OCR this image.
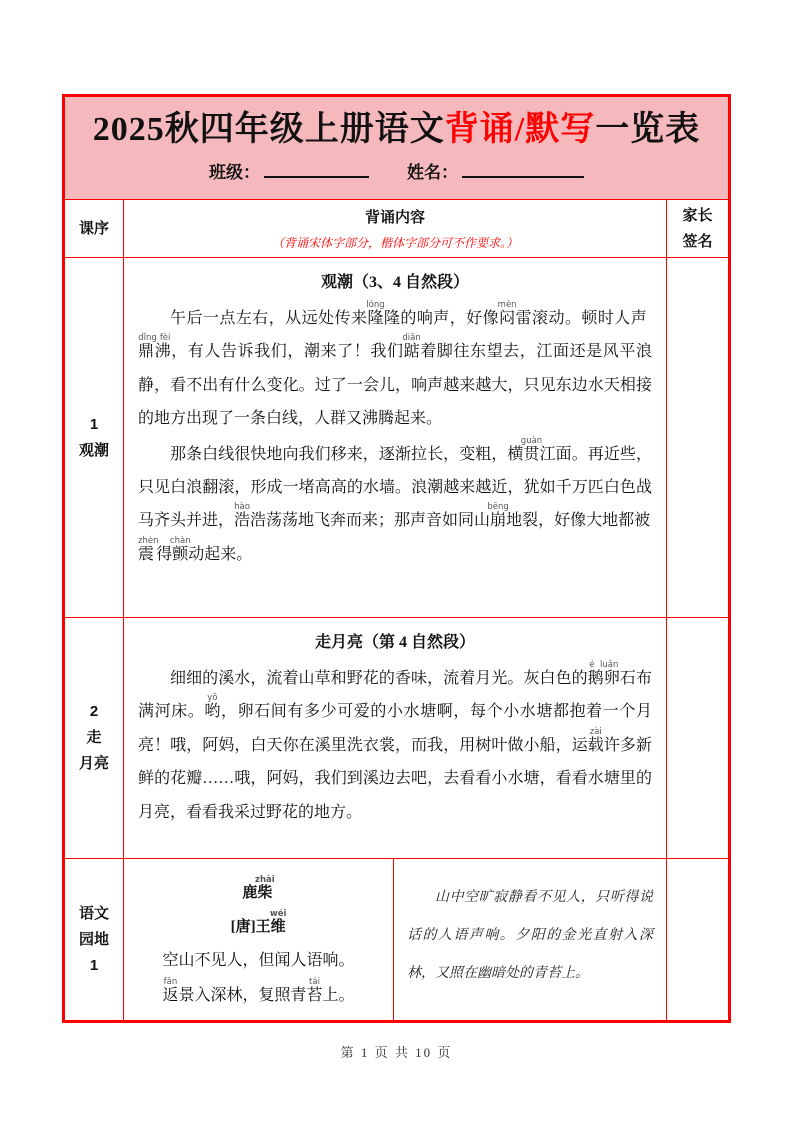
2025秋四年级上册语文背诵/默写一览表
班级：	姓名：
课序
背诵内容
（背诵宋体字部分，楷体字部分可不作要求。）
家长
签名
1
观潮
观潮（3、4 自然段）

午后一点左右，从远处传来隆lóng隆的响声，好像闷mèn雷滚动。顿时人声鼎沸dǐng fèi，有人告诉我们，潮来了！我们踮diǎn着脚往东望去，江面还是风平浪静，看不出有什么变化。过了一会儿，响声越来越大，只见东边水天相接的地方出现了一条白线，人群又沸腾起来。

那条白线很快地向我们移来，逐渐拉长，变粗，横贯guàn江面。再近些，只见白浪翻滚，形成一堵高高的水墙。浪潮越来越近，犹如千万匹白色战马齐头并进，浩hào浩荡荡地飞奔而来；那声音如同山崩bēng地裂，好像大地都被震zhèn得颤chàn动起来。

2
走
月亮
走月亮（第 4 自然段）

细细的溪水，流着山草和野花的香味，流着月光。灰白色的鹅卵é luǎn石布满河床。哟yō，卵石间有多少可爱的小水塘啊，每个小水塘都抱着一个月亮！哦，阿妈，白天你在溪里洗衣裳，而我，用树叶做小船，运载zài许多新鲜的花瓣……哦，阿妈，我们到溪边去吧，去看看小水塘，看看水塘里的月亮，看看我采过野花的地方。

语文
园地
1
鹿柴zhài
[唐]王维wéi
空山不见人，但闻人语响。
返fǎn景入深林，复照青苔tái上。

山中空旷寂静看不见人，只听得说话的人语声响。夕阳的金光直射入深林，又照在幽暗处的青苔上。

第 1 页 共 10 页
